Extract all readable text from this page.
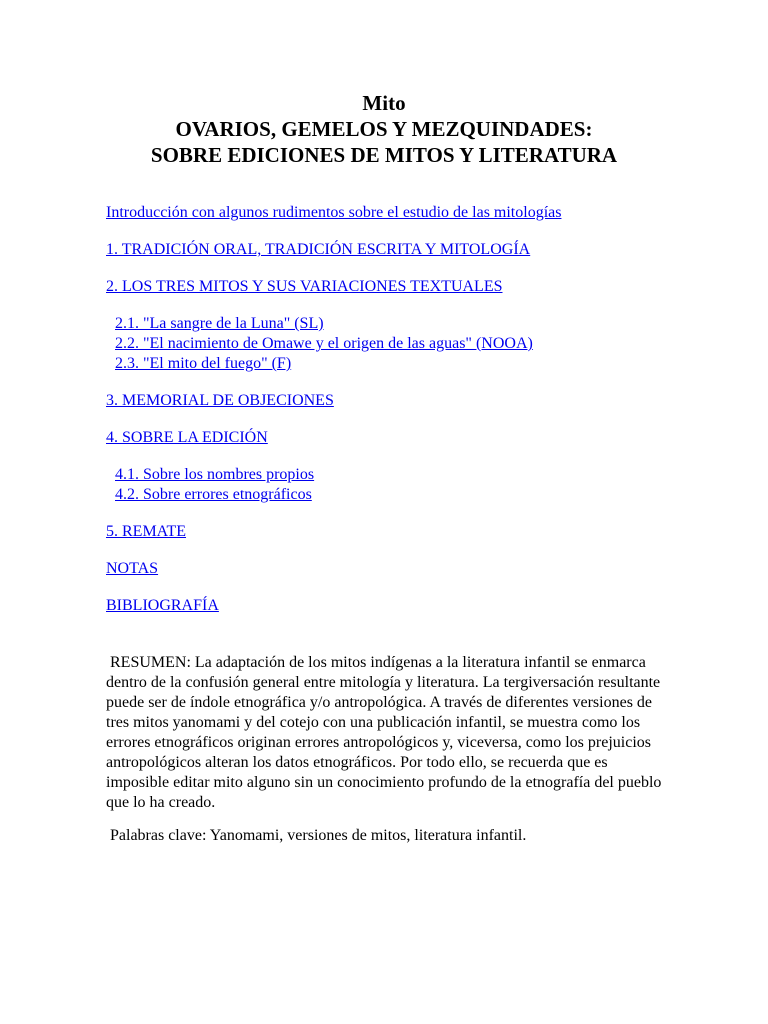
Mito
OVARIOS, GEMELOS Y MEZQUINDADES:
SOBRE EDICIONES DE MITOS Y LITERATURA
Introducción con algunos rudimentos sobre el estudio de las mitologías
1. TRADICIÓN ORAL, TRADICIÓN ESCRITA Y MITOLOGÍA
2. LOS TRES MITOS Y SUS VARIACIONES TEXTUALES
2.1. "La sangre de la Luna" (SL)
2.2. "El nacimiento de Omawe y el origen de las aguas" (NOOA)
2.3. "El mito del fuego" (F)
3. MEMORIAL DE OBJECIONES
4. SOBRE LA EDICIÓN
4.1. Sobre los nombres propios
4.2. Sobre errores etnográficos
5. REMATE
NOTAS
BIBLIOGRAFÍA

RESUMEN: La adaptación de los mitos indígenas a la literatura infantil se enmarca dentro de la confusión general entre mitología y literatura. La tergiversación resultante puede ser de índole etnográfica y/o antropológica. A través de diferentes versiones de tres mitos yanomami y del cotejo con una publicación infantil, se muestra como los errores etnográficos originan errores antropológicos y, viceversa, como los prejuicios antropológicos alteran los datos etnográficos. Por todo ello, se recuerda que es imposible editar mito alguno sin un conocimiento profundo de la etnografía del pueblo que lo ha creado.

Palabras clave: Yanomami, versiones de mitos, literatura infantil.
